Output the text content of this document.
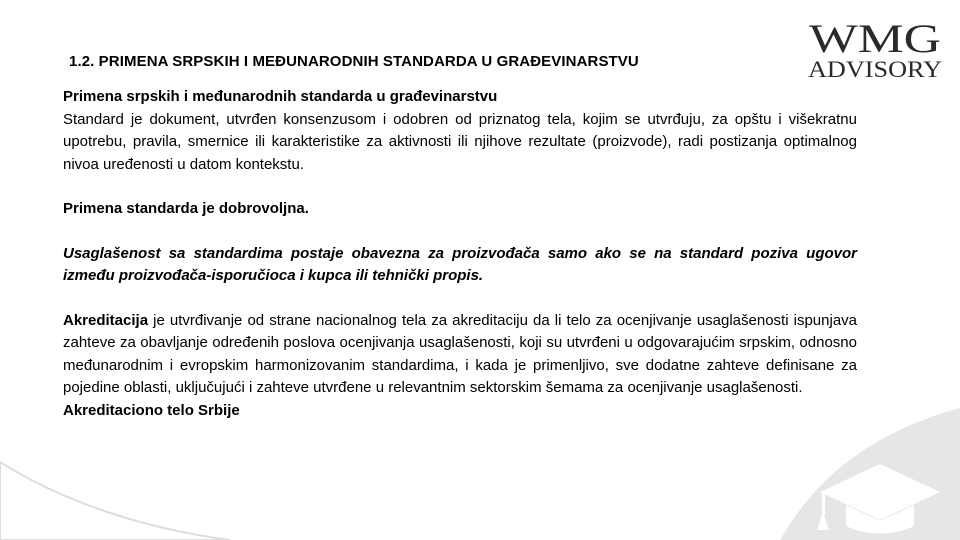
WMG
ADVISORY
1.2. PRIMENA SRPSKIH I MEĐUNARODNIH STANDARDA U GRAĐEVINARSTVU

Primena srpskih i međunarodnih standarda u građevinarstvu

Standard je dokument, utvrđen konsenzusom i odobren od priznatog tela, kojim se utvrđuju, za opštu i višekratnu upotrebu, pravila, smernice ili karakteristike za aktivnosti ili njihove rezultate (proizvode), radi postizanja optimalnog nivoa uređenosti u datom kontekstu.

Primena standarda je dobrovoljna.

Usaglašenost sa standardima postaje obavezna za proizvođača samo ako se na standard poziva ugovor između proizvođača-isporučioca i kupca ili tehnički propis.

Akreditacija je utvrđivanje od strane nacionalnog tela za akreditaciju da li telo za ocenjivanje usaglašenosti ispunjava zahteve za obavljanje određenih poslova ocenjivanja usaglašenosti, koji su utvrđeni u odgovarajućim srpskim, odnosno međunarodnim i evropskim harmonizovanim standardima, i kada je primenljivo, sve dodatne zahteve definisane za pojedine oblasti, uključujući i zahteve utvrđene u relevantnim sektorskim šemama za ocenjivanje usaglašenosti.

Akreditaciono telo Srbije
